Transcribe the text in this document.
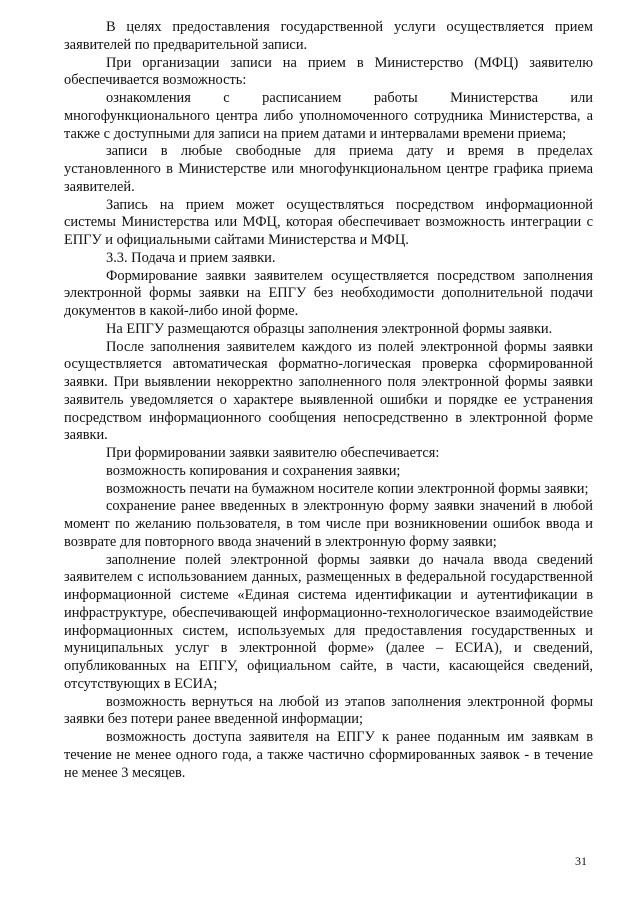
В целях предоставления государственной услуги осуществляется прием заявителей по предварительной записи.

При организации записи на прием в Министерство (МФЦ) заявителю обеспечивается возможность:

ознакомления с расписанием работы Министерства или многофункционального центра либо уполномоченного сотрудника Министерства, а также с доступными для записи на прием датами и интервалами времени приема;

записи в любые свободные для приема дату и время в пределах установленного в Министерстве или многофункциональном центре графика приема заявителей.

Запись на прием может осуществляться посредством информационной системы Министерства или МФЦ, которая обеспечивает возможность интеграции с ЕПГУ и официальными сайтами Министерства и МФЦ.

3.3. Подача и прием заявки.

Формирование заявки заявителем осуществляется посредством заполнения электронной формы заявки на ЕПГУ без необходимости дополнительной подачи документов в какой-либо иной форме.

На ЕПГУ размещаются образцы заполнения электронной формы заявки.

После заполнения заявителем каждого из полей электронной формы заявки осуществляется автоматическая форматно-логическая проверка сформированной заявки. При выявлении некорректно заполненного поля электронной формы заявки заявитель уведомляется о характере выявленной ошибки и порядке ее устранения посредством информационного сообщения непосредственно в электронной форме заявки.

При формировании заявки заявителю обеспечивается:

возможность копирования и сохранения заявки;

возможность печати на бумажном носителе копии электронной формы заявки;

сохранение ранее введенных в электронную форму заявки значений в любой момент по желанию пользователя, в том числе при возникновении ошибок ввода и возврате для повторного ввода значений в электронную форму заявки;

заполнение полей электронной формы заявки до начала ввода сведений заявителем с использованием данных, размещенных в федеральной государственной информационной системе «Единая система идентификации и аутентификации в инфраструктуре, обеспечивающей информационно-технологическое взаимодействие информационных систем, используемых для предоставления государственных и муниципальных услуг в электронной форме» (далее – ЕСИА), и сведений, опубликованных на ЕПГУ, официальном сайте, в части, касающейся сведений, отсутствующих в ЕСИА;

возможность вернуться на любой из этапов заполнения электронной формы заявки без потери ранее введенной информации;

возможность доступа заявителя на ЕПГУ к ранее поданным им заявкам в течение не менее одного года, а также частично сформированных заявок - в течение не менее 3 месяцев.

31
